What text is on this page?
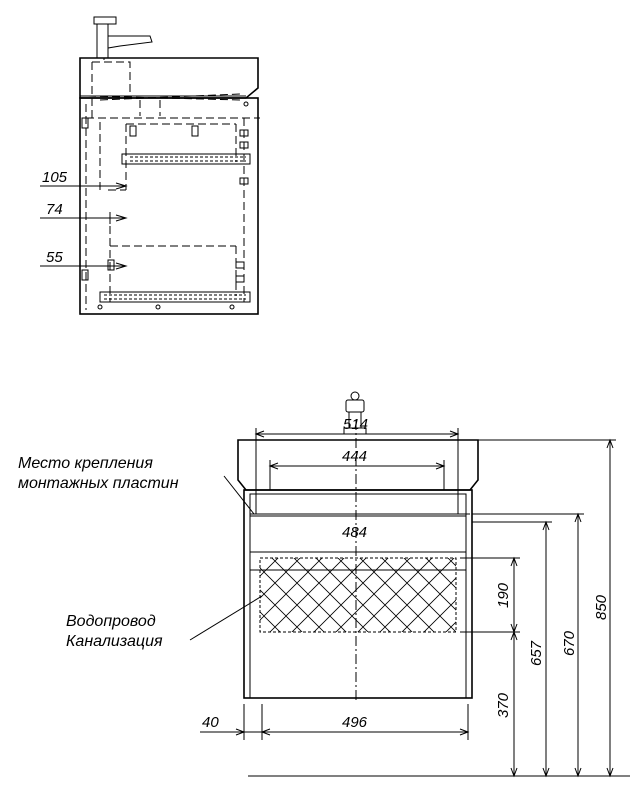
105
74
55
514
444
484
496
40
190
370
657 670
850
Место крепления
монтажных пластин
Водопровод
Канализация
